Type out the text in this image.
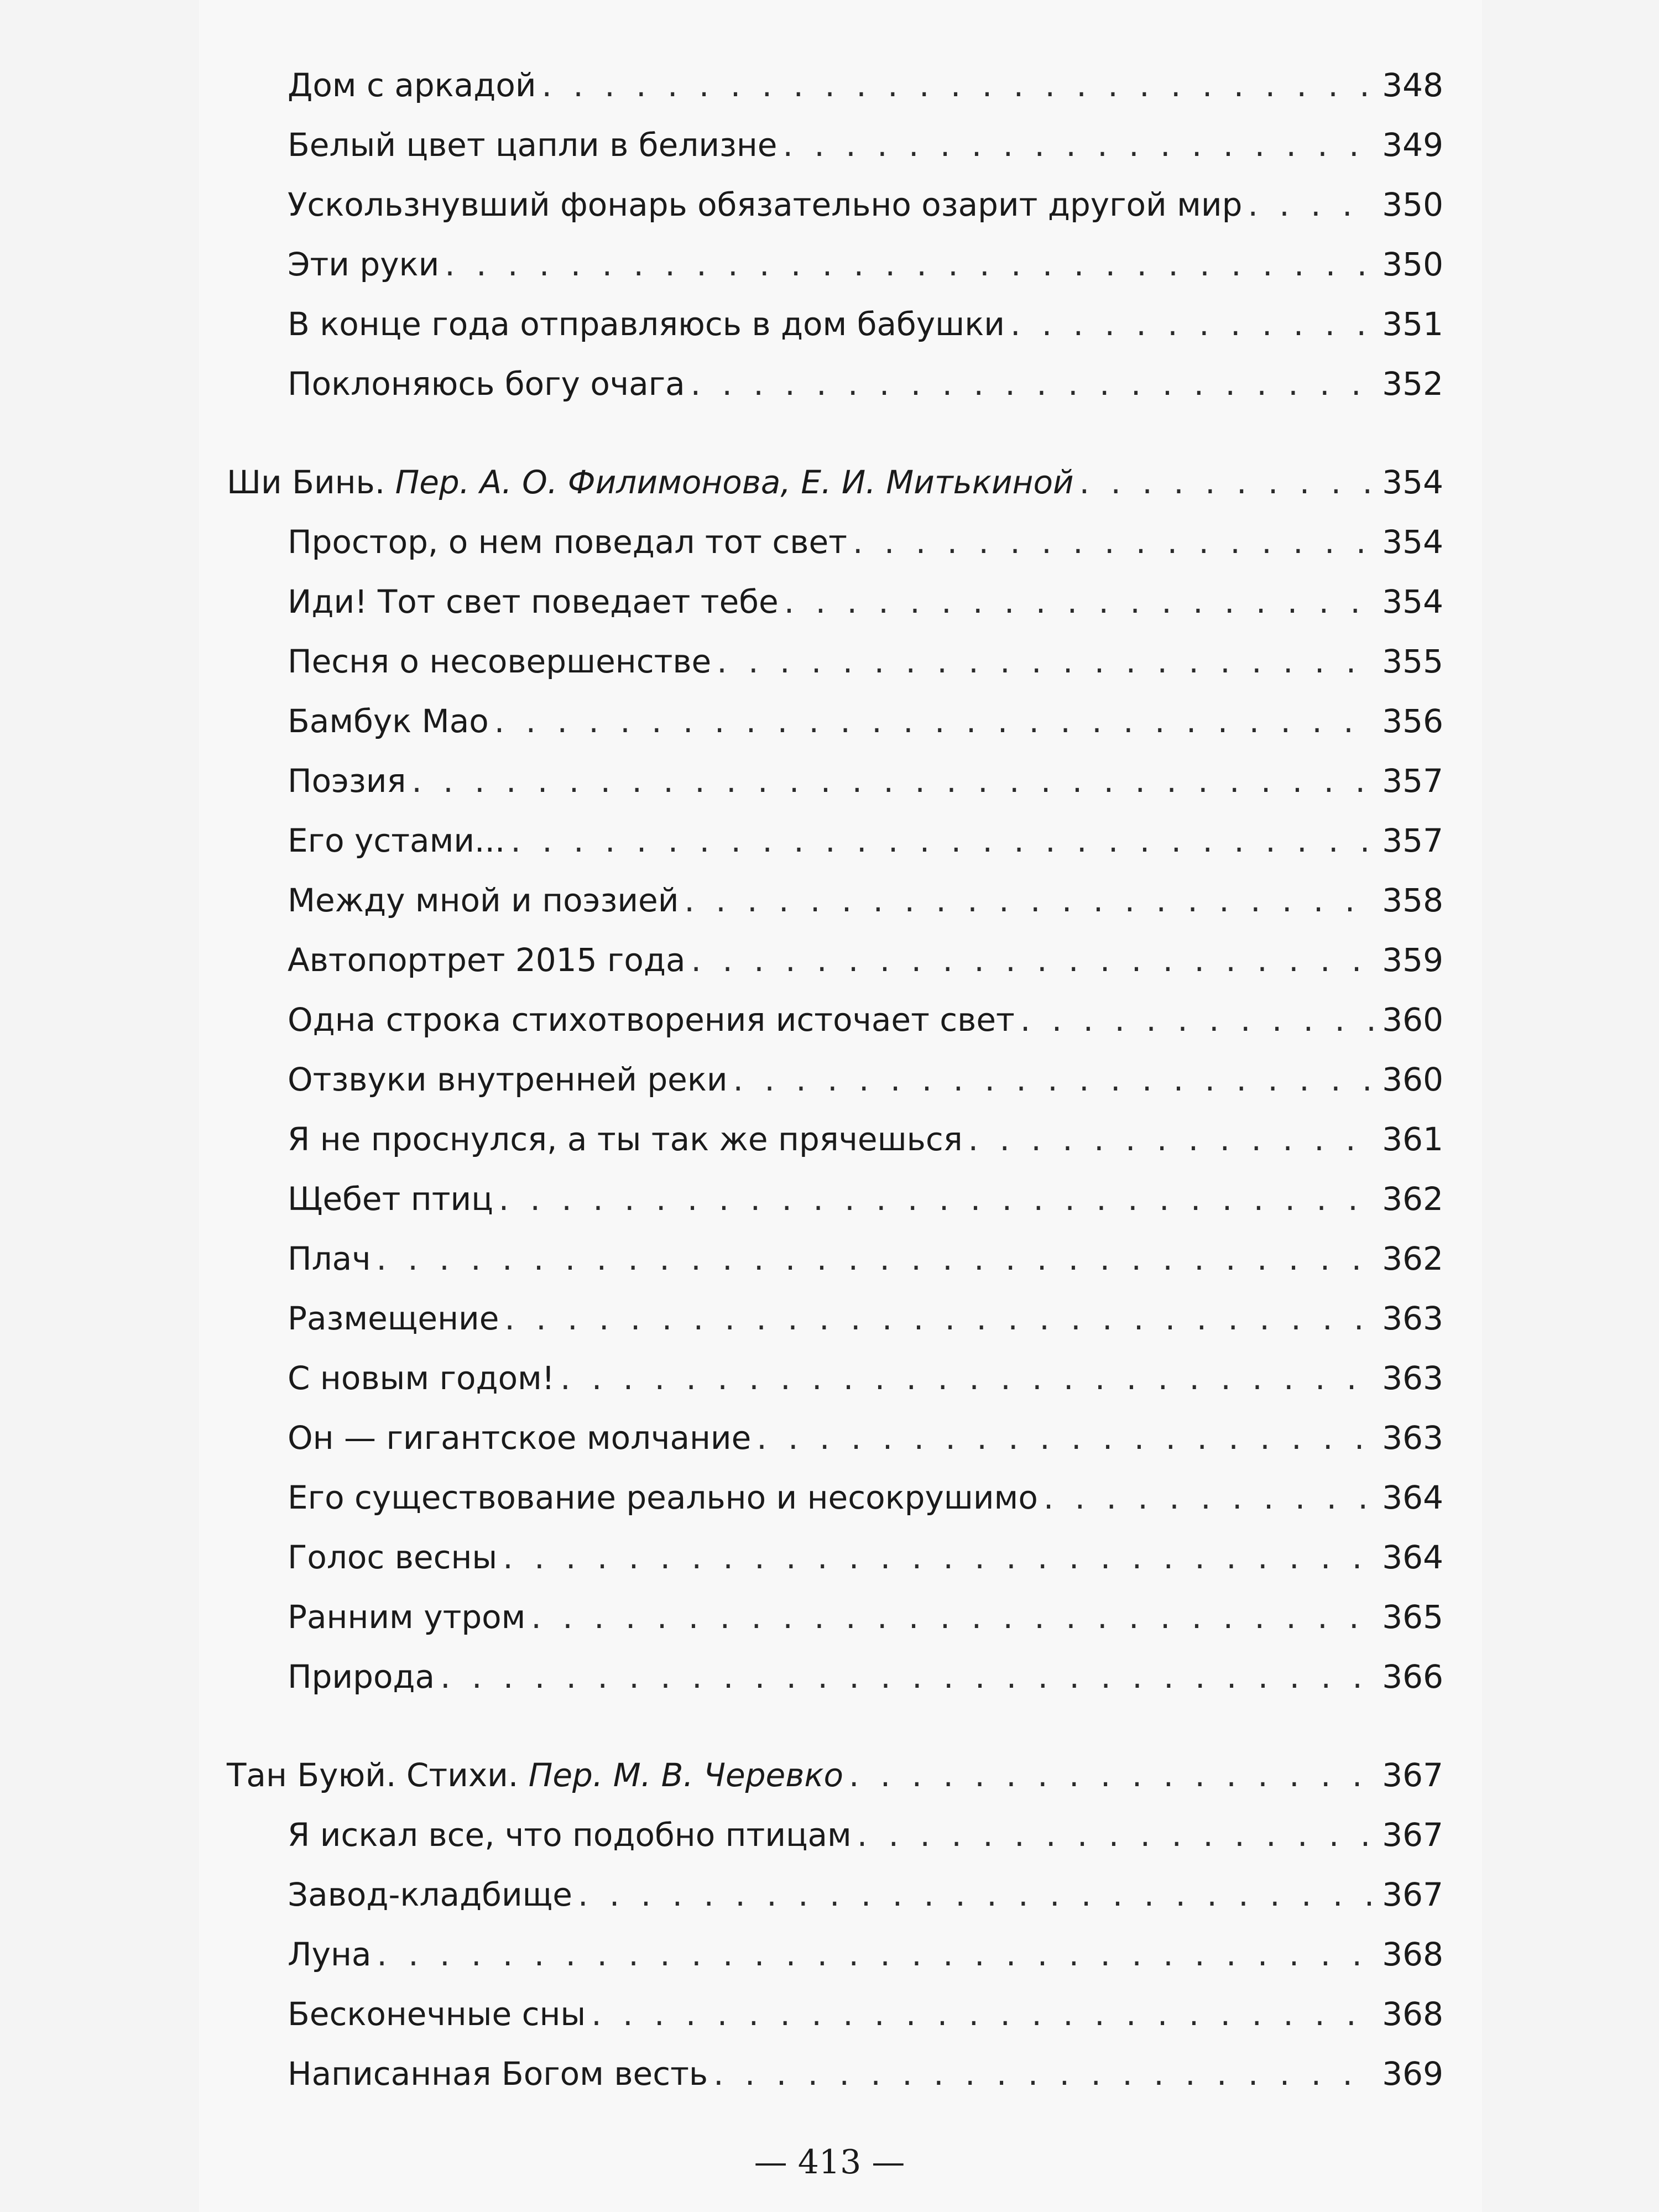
Дом с аркадой . . .	348
Белый цвет цапли в белизне . . .	349
Ускользнувший фонарь обязательно озарит другой мир . . .	350
Эти руки . . .	350
В конце года отправляюсь в дом бабушки . . .	351
Поклоняюсь богу очага . . .	352
Ши Бинь. Пер. А. О. Филимонова, Е. И. Митькиной . . .	354
Простор, о нем поведал тот свет . . .	354
Иди! Тот свет поведает тебе . . .	354
Песня о несовершенстве . . .	355
Бамбук Мао . . .	356
Поэзия . . .	357
Его устами... . . .	357
Между мной и поэзией . . .	358
Автопортрет 2015 года . . .	359
Одна строка стихотворения источает свет . . .	360
Отзвуки внутренней реки . . .	360
Я не проснулся, а ты так же прячешься . . .	361
Щебет птиц . . .	362
Плач . . .	362
Размещение . . .	363
С новым годом! . . .	363
Он — гигантское молчание . . .	363
Его существование реально и несокрушимо . . .	364
Голос весны . . .	364
Ранним утром . . .	365
Природа . . .	366
Тан Буюй. Стихи. Пер. М. В. Черевко . . .	367
Я искал все, что подобно птицам . . .	367
Завод-кладбище . . .	367
Луна . . .	368
Бесконечные сны . . .	368
Написанная Богом весть . . .	369
— 413 —
